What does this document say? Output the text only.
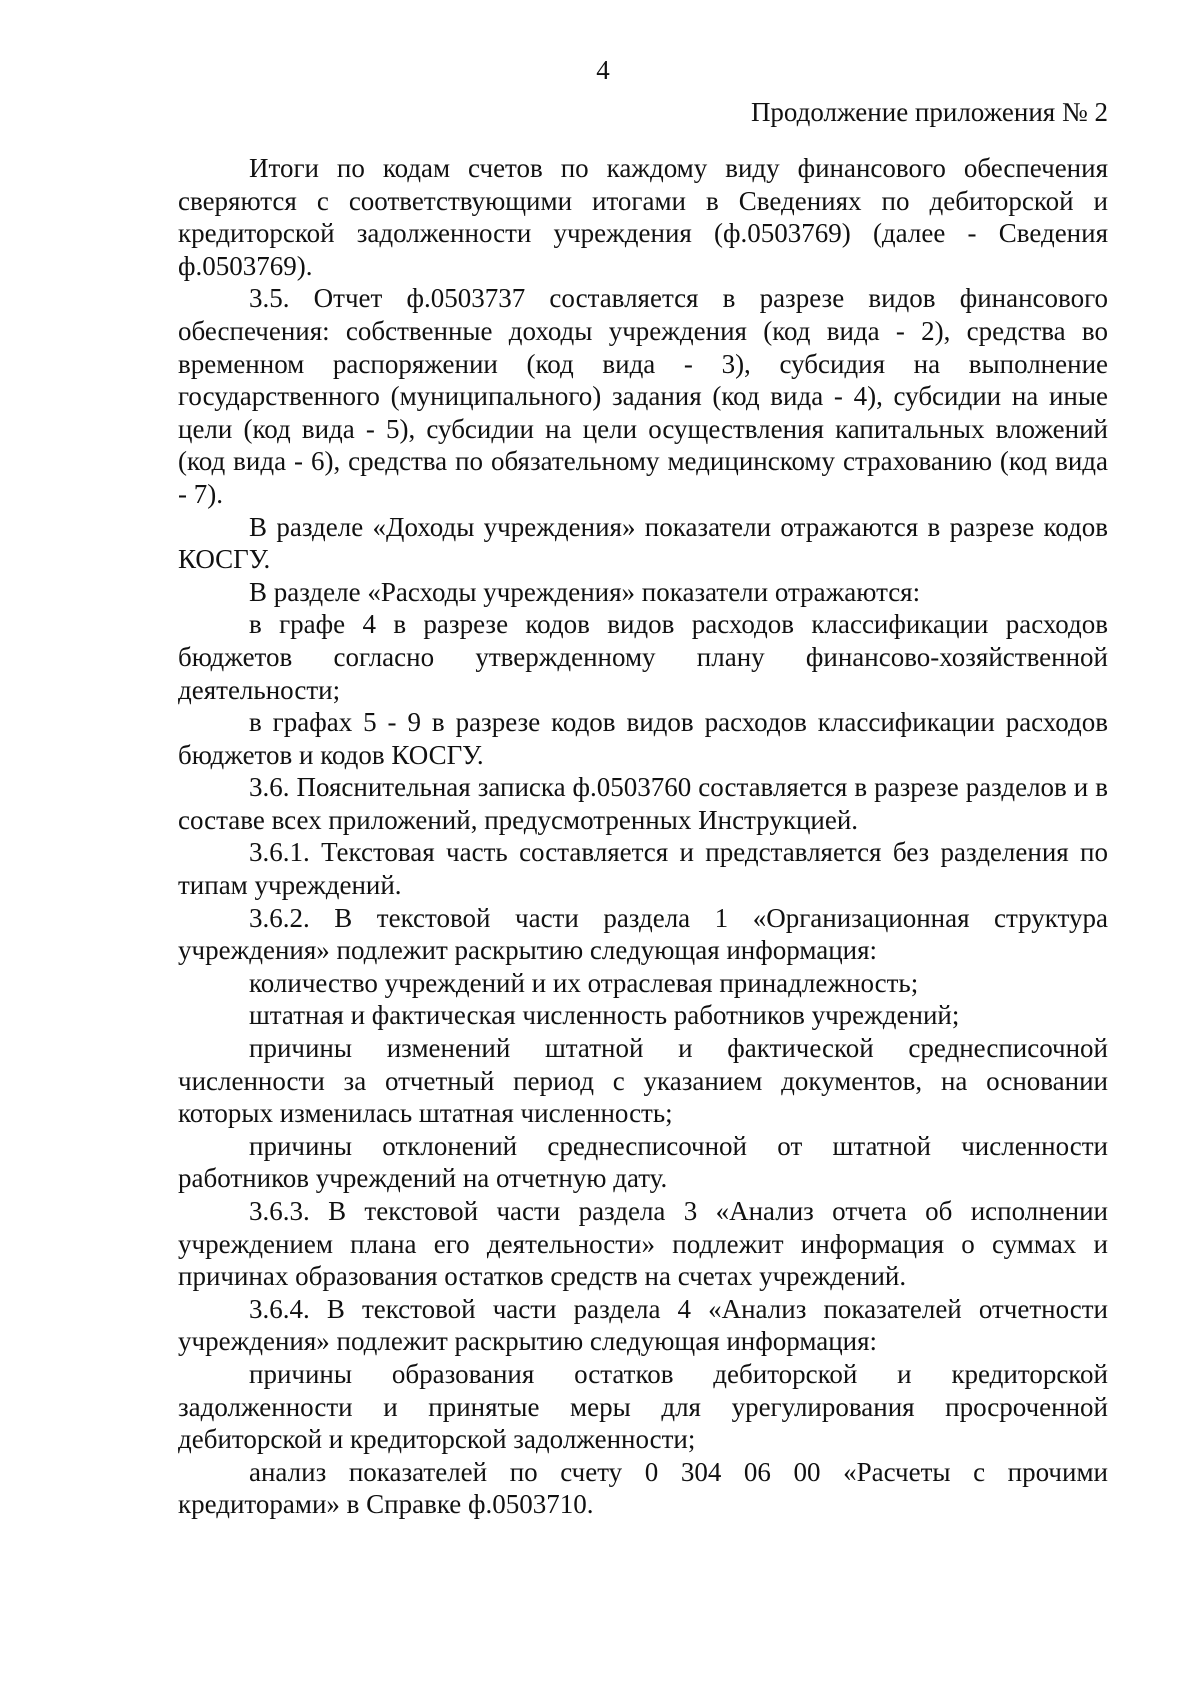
4
Продолжение приложения № 2

Итоги по кодам счетов по каждому виду финансового обеспечения сверяются с соответствующими итогами в Сведениях по дебиторской и кредиторской задолженности учреждения (ф.0503769) (далее - Сведения ф.0503769).

3.5. Отчет ф.0503737 составляется в разрезе видов финансового обеспечения: собственные доходы учреждения (код вида - 2), средства во временном распоряжении (код вида - 3), субсидия на выполнение государственного (муниципального) задания (код вида - 4), субсидии на иные цели (код вида - 5), субсидии на цели осуществления капитальных вложений (код вида - 6), средства по обязательному медицинскому страхованию (код вида - 7).

В разделе «Доходы учреждения» показатели отражаются в разрезе кодов КОСГУ.

В разделе «Расходы учреждения» показатели отражаются:

в графе 4 в разрезе кодов видов расходов классификации расходов бюджетов согласно утвержденному плану финансово-хозяйственной деятельности;

в графах 5 - 9 в разрезе кодов видов расходов классификации расходов бюджетов и кодов КОСГУ.

3.6. Пояснительная записка ф.0503760 составляется в разрезе разделов и в составе всех приложений, предусмотренных Инструкцией.

3.6.1. Текстовая часть составляется и представляется без разделения по типам учреждений.

3.6.2. В текстовой части раздела 1 «Организационная структура учреждения» подлежит раскрытию следующая информация:

количество учреждений и их отраслевая принадлежность;

штатная и фактическая численность работников учреждений;

причины изменений штатной и фактической среднесписочной численности за отчетный период с указанием документов, на основании которых изменилась штатная численность;

причины отклонений среднесписочной от штатной численности работников учреждений на отчетную дату.

3.6.3. В текстовой части раздела 3 «Анализ отчета об исполнении учреждением плана его деятельности» подлежит информация о суммах и причинах образования остатков средств на счетах учреждений.

3.6.4. В текстовой части раздела 4 «Анализ показателей отчетности учреждения» подлежит раскрытию следующая информация:

причины образования остатков дебиторской и кредиторской задолженности и принятые меры для урегулирования просроченной дебиторской и кредиторской задолженности;

анализ показателей по счету 0 304 06 00 «Расчеты с прочими кредиторами» в Справке ф.0503710.
